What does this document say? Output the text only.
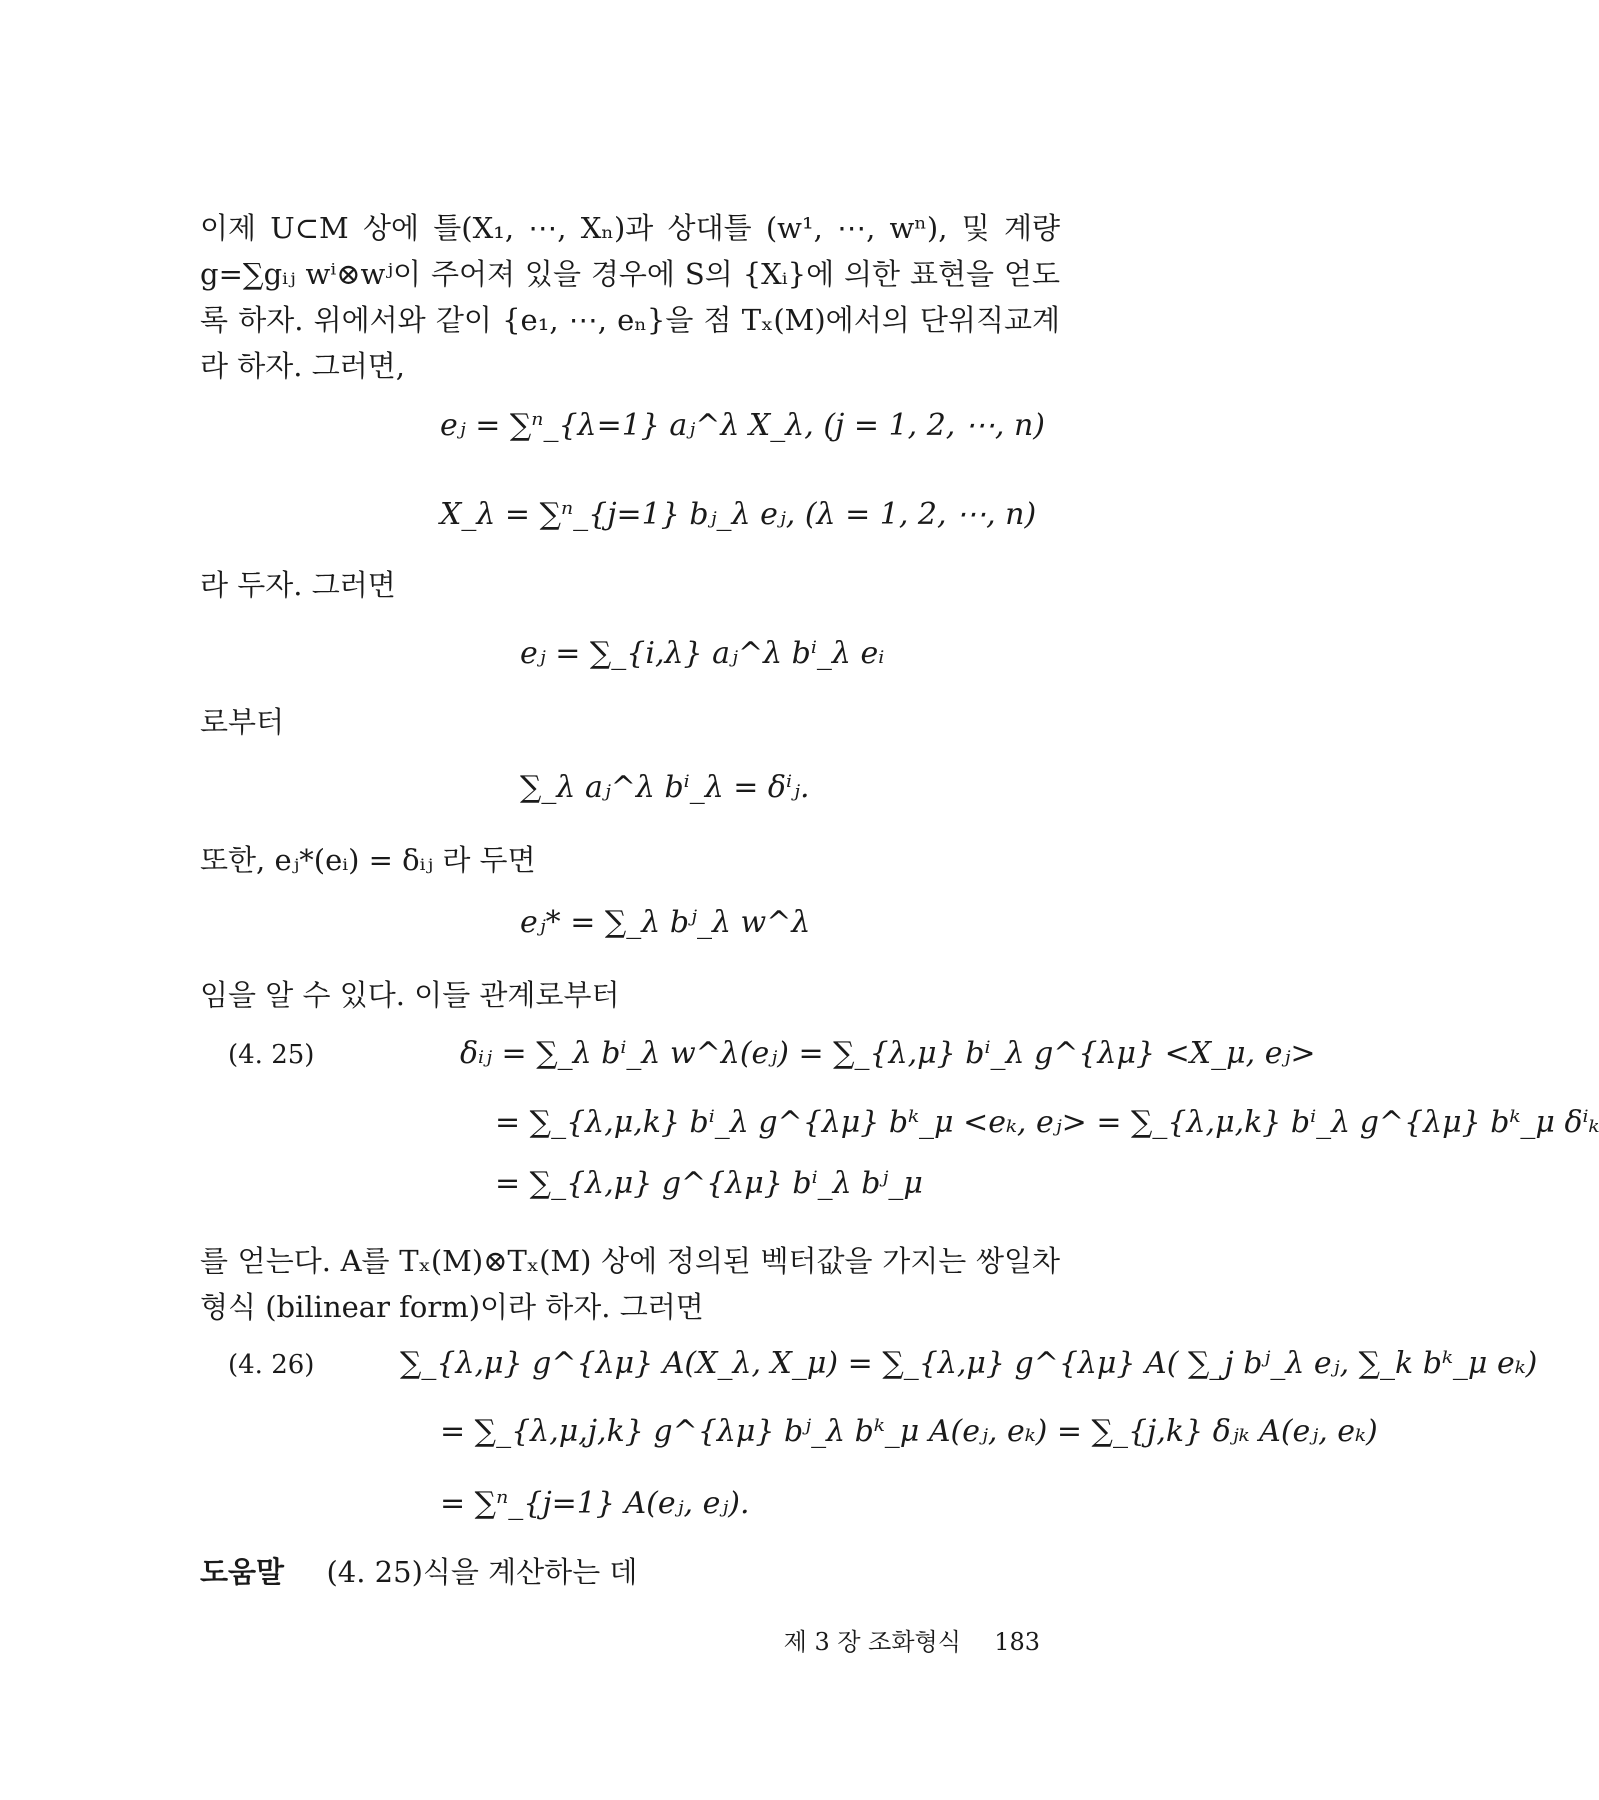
이제 U⊂M 상에 틀(X₁, ⋯, Xₙ)과 상대틀 (w¹, ⋯, wⁿ), 및 계량 g=∑gᵢⱼ wⁱ⊗wʲ이 주어져 있을 경우에 S의 {Xᵢ}에 의한 표현을 얻도록 하자. 위에서와 같이 {e₁, ⋯, eₙ}을 점 Tₓ(M)에서의 단위직교계라 하자. 그러면,
eⱼ = ∑ⁿ_{λ=1} aⱼ^λ X_λ, (j = 1, 2, ⋯, n)
X_λ = ∑ⁿ_{j=1} bⱼ_λ eⱼ, (λ = 1, 2, ⋯, n)
라 두자. 그러면
eⱼ = ∑_{i,λ} aⱼ^λ bⁱ_λ eᵢ
로부터
∑_λ aⱼ^λ bⁱ_λ = δⁱⱼ.
또한, eⱼ*(eᵢ) = δᵢⱼ 라 두면
eⱼ* = ∑_λ bʲ_λ w^λ
임을 알 수 있다. 이들 관계로부터
(4. 25)	δᵢⱼ = ∑_λ bⁱ_λ w^λ(eⱼ) = ∑_{λ,μ} bⁱ_λ g^{λμ} <X_μ, eⱼ>
= ∑_{λ,μ,k} bⁱ_λ g^{λμ} bᵏ_μ <eₖ, eⱼ> = ∑_{λ,μ,k} bⁱ_λ g^{λμ} bᵏ_μ δⁱₖ
= ∑_{λ,μ} g^{λμ} bⁱ_λ bʲ_μ
를 얻는다. A를 Tₓ(M)⊗Tₓ(M) 상에 정의된 벡터값을 가지는 쌍일차 형식 (bilinear form)이라 하자. 그러면
(4. 26)	∑_{λ,μ} g^{λμ} A(X_λ, X_μ) = ∑_{λ,μ} g^{λμ} A( ∑_j bʲ_λ eⱼ, ∑_k bᵏ_μ eₖ)
= ∑_{λ,μ,j,k} g^{λμ} bʲ_λ bᵏ_μ A(eⱼ, eₖ) = ∑_{j,k} δⱼₖ A(eⱼ, eₖ)
= ∑ⁿ_{j=1} A(eⱼ, eⱼ).
도움말 (4. 25)식을 계산하는 데
제 3 장 조화형식 183
